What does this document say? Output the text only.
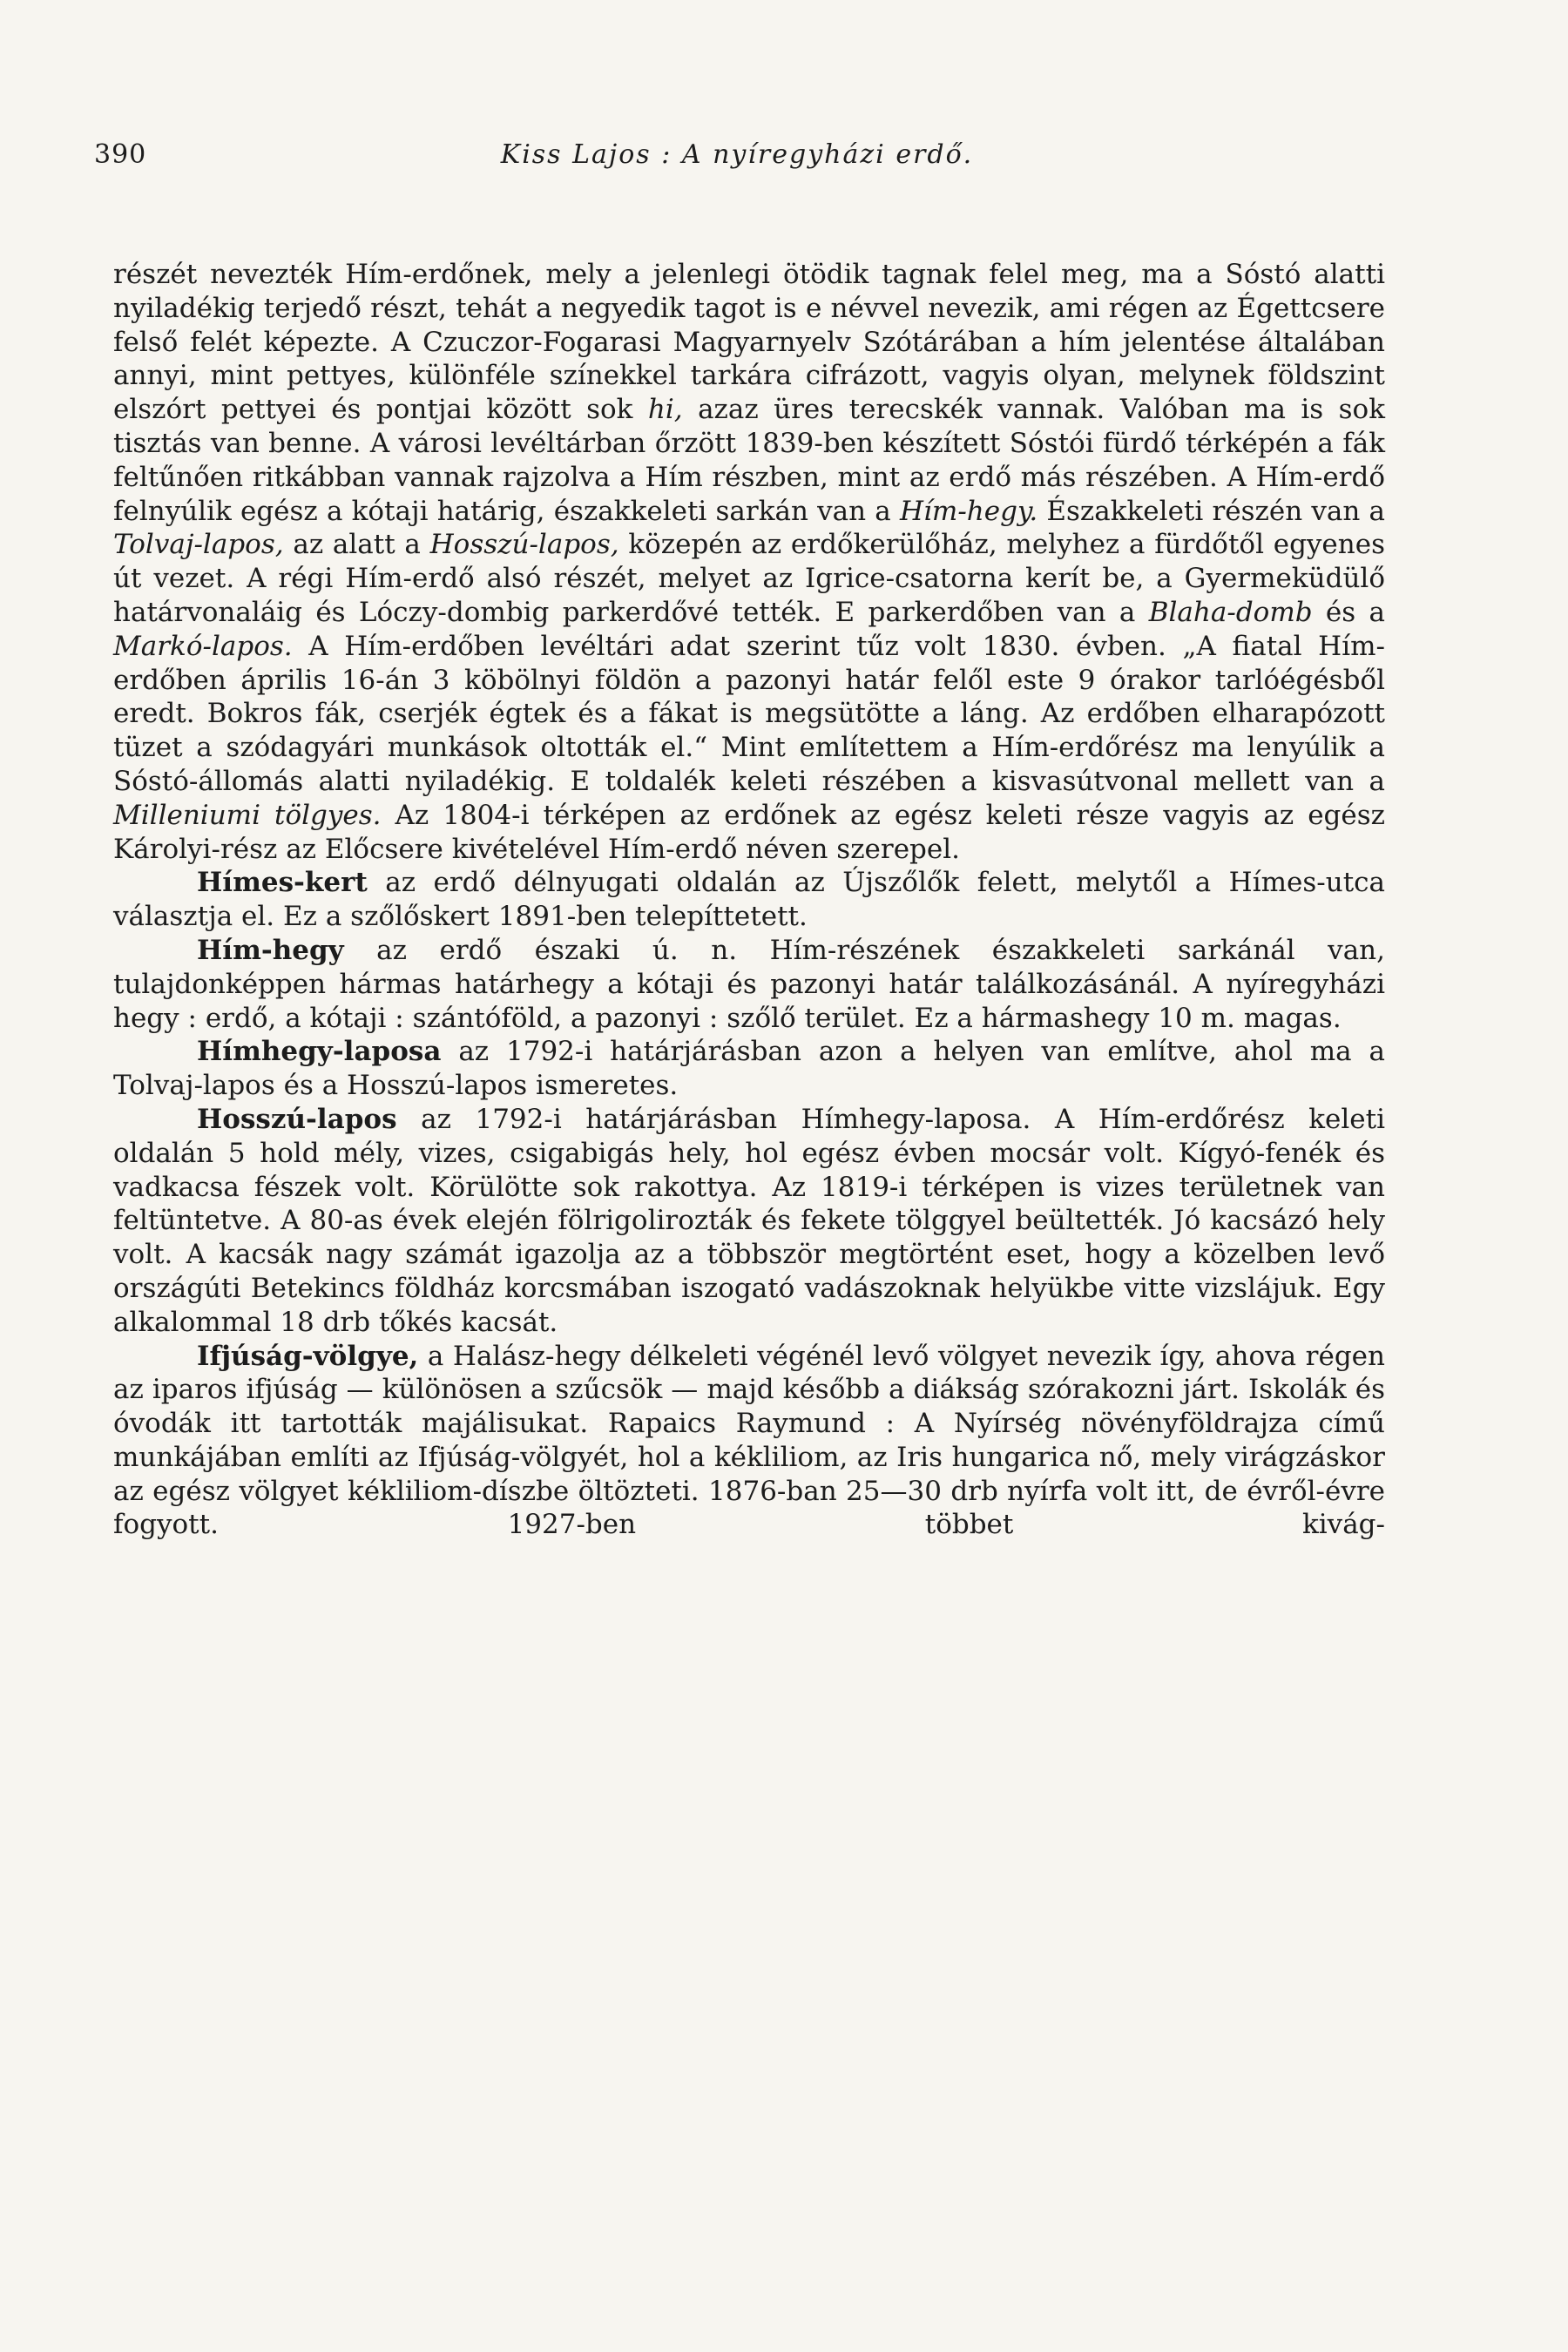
390	Kiss Lajos : A nyíregyházi erdő.

részét nevezték Hím-erdőnek, mely a jelenlegi ötödik tagnak felel meg, ma a Sóstó alatti nyiladékig terjedő részt, tehát a negyedik tagot is e névvel nevezik, ami régen az Égettcsere felső felét képezte. A Czuczor-Fogarasi Magyarnyelv Szótárában a hím jelentése általában annyi, mint pettyes, különféle színekkel tarkára cifrázott, vagyis olyan, melynek földszint elszórt pettyei és pontjai között sok hi, azaz üres terecskék vannak. Valóban ma is sok tisztás van benne. A városi levéltárban őrzött 1839-ben készített Sóstói fürdő térképén a fák feltűnően ritkábban vannak rajzolva a Hím részben, mint az erdő más részében. A Hím-erdő felnyúlik egész a kótaji határig, északkeleti sarkán van a Hím-hegy. Északkeleti részén van a Tolvaj-lapos, az alatt a Hosszú-lapos, közepén az erdőkerülőház, melyhez a fürdőtől egyenes út vezet. A régi Hím-erdő alsó részét, melyet az Igrice-csatorna kerít be, a Gyermeküdülő határvonaláig és Lóczy-dombig parkerdővé tették. E parkerdőben van a Blaha-domb és a Markó-lapos. A Hím-erdőben levéltári adat szerint tűz volt 1830. évben. „A fiatal Hím-erdőben április 16-án 3 köbölnyi földön a pazonyi határ felől este 9 órakor tarlóégésből eredt. Bokros fák, cserjék égtek és a fákat is megsütötte a láng. Az erdőben elharapózott tüzet a szódagyári munkások oltották el.“ Mint említettem a Hím-erdőrész ma lenyúlik a Sóstó-állomás alatti nyiladékig. E toldalék keleti részében a kisvasútvonal mellett van a Milleniumi tölgyes. Az 1804-i térképen az erdőnek az egész keleti része vagyis az egész Károlyi-rész az Előcsere kivételével Hím-erdő néven szerepel.

Hímes-kert az erdő délnyugati oldalán az Újszőlők felett, melytől a Hímes-utca választja el. Ez a szőlőskert 1891-ben telepíttetett.

Hím-hegy az erdő északi ú. n. Hím-részének északkeleti sarkánál van, tulajdonképpen hármas határhegy a kótaji és pazonyi határ találkozásánál. A nyíregyházi hegy : erdő, a kótaji : szántóföld, a pazonyi : szőlő terület. Ez a hármashegy 10 m. magas.

Hímhegy-laposa az 1792-i határjárásban azon a helyen van említve, ahol ma a Tolvaj-lapos és a Hosszú-lapos ismeretes.

Hosszú-lapos az 1792-i határjárásban Hímhegy-laposa. A Hím-erdőrész keleti oldalán 5 hold mély, vizes, csigabigás hely, hol egész évben mocsár volt. Kígyó-fenék és vadkacsa fészek volt. Körülötte sok rakottya. Az 1819-i térképen is vizes területnek van feltüntetve. A 80-as évek elején fölrigolirozták és fekete tölggyel beültették. Jó kacsázó hely volt. A kacsák nagy számát igazolja az a többször megtörtént eset, hogy a közelben levő országúti Betekincs földház korcsmában iszogató vadászoknak helyükbe vitte vizslájuk. Egy alkalommal 18 drb tőkés kacsát.

Ifjúság-völgye, a Halász-hegy délkeleti végénél levő völgyet nevezik így, ahova régen az iparos ifjúság — különösen a szűcsök — majd később a diákság szórakozni járt. Iskolák és óvodák itt tartották majálisukat. Rapaics Raymund : A Nyírség növényföldrajza című munkájában említi az Ifjúság-völgyét, hol a kékliliom, az Iris hungarica nő, mely virágzáskor az egész völgyet kékliliom-díszbe öltözteti. 1876-ban 25—30 drb nyírfa volt itt, de évről-évre fogyott. 1927-ben többet kivág-
